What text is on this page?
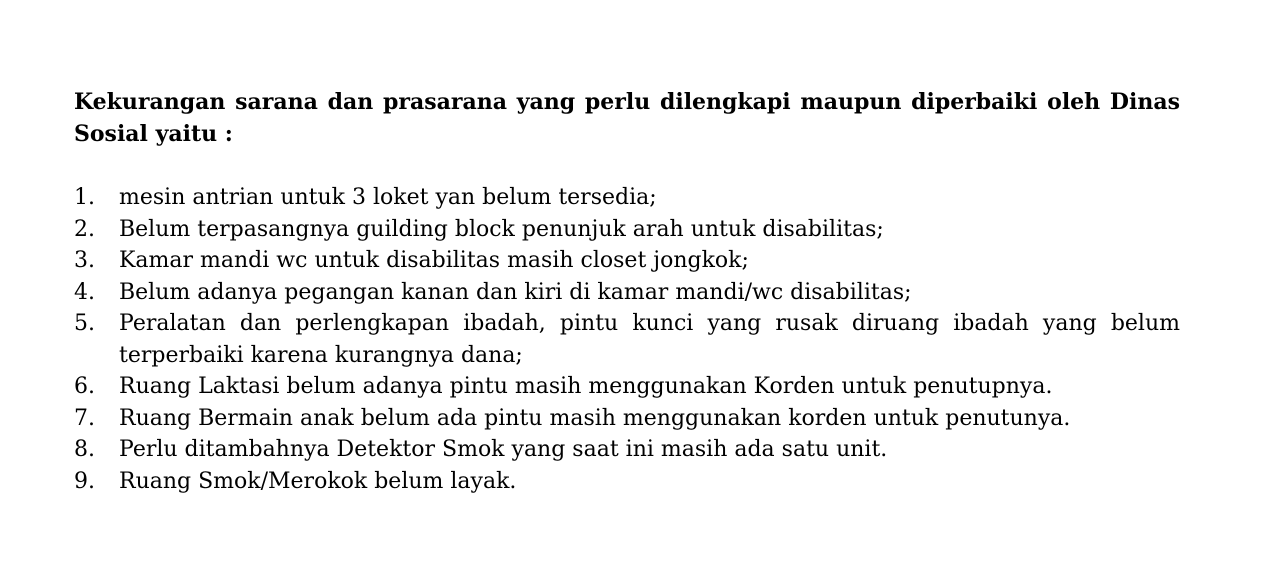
Kekurangan sarana dan prasarana yang perlu dilengkapi maupun diperbaiki oleh Dinas Sosial yaitu :

1.	mesin antrian untuk 3 loket yan belum tersedia;
2.	Belum terpasangnya guilding block penunjuk arah untuk disabilitas;
3.	Kamar mandi wc untuk disabilitas masih closet jongkok;
4.	Belum adanya pegangan kanan dan kiri di kamar mandi/wc disabilitas;
5.	Peralatan dan perlengkapan ibadah, pintu kunci yang rusak diruang ibadah yang belum terperbaiki karena kurangnya dana;
6.	Ruang Laktasi belum adanya pintu masih menggunakan Korden untuk penutupnya.
7.	Ruang Bermain anak belum ada pintu masih menggunakan korden untuk penutunya.
8.	Perlu ditambahnya Detektor Smok yang saat ini masih ada satu unit.
9.	Ruang Smok/Merokok belum layak.
